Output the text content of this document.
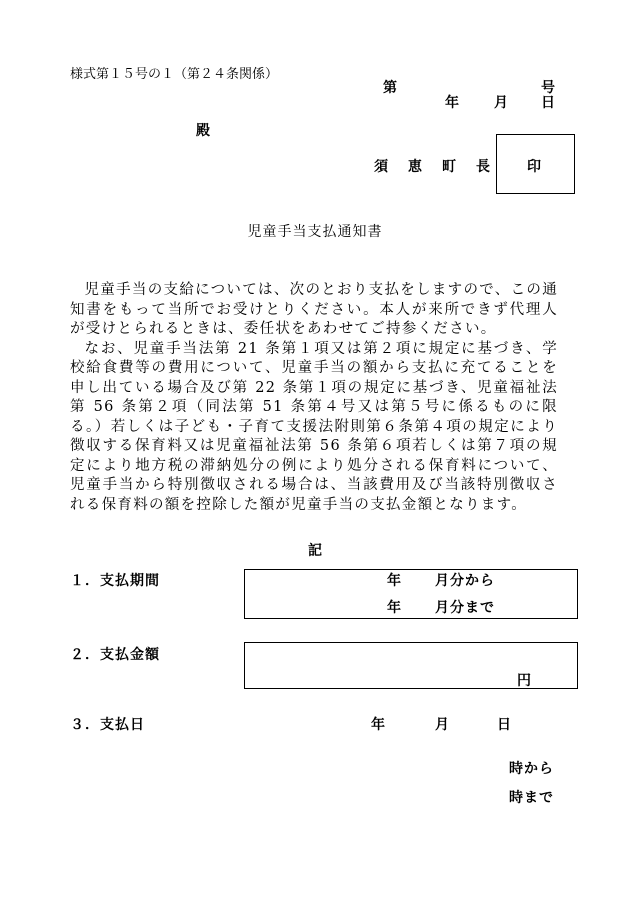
様式第１５号の１（第２４条関係）
第	号
年 月 日
殿
須　恵　町　長 印
児童手当支払通知書

児童手当の支給については、次のとおり支払をしますので、この通知書をもって当所でお受けとりください。本人が来所できず代理人が受けとられるときは、委任状をあわせてご持参ください。

なお、児童手当法第 21 条第１項又は第２項に規定に基づき、学校給食費等の費用について、児童手当の額から支払に充てることを申し出ている場合及び第 22 条第１項の規定に基づき、児童福祉法第 56 条第２項（同法第 51 条第４号又は第５号に係るものに限る。）若しくは子ども・子育て支援法附則第６条第４項の規定により徴収する保育料又は児童福祉法第 56 条第６項若しくは第７項の規定により地方税の滞納処分の例により処分される保育料について、児童手当から特別徴収される場合は、当該費用及び当該特別徴収される保育料の額を控除した額が児童手当の支払金額となります。

記
１．支払期間	年 月分から
年 月分まで
２．支払金額
円
３．支払日	年	月	日
時から
時まで
